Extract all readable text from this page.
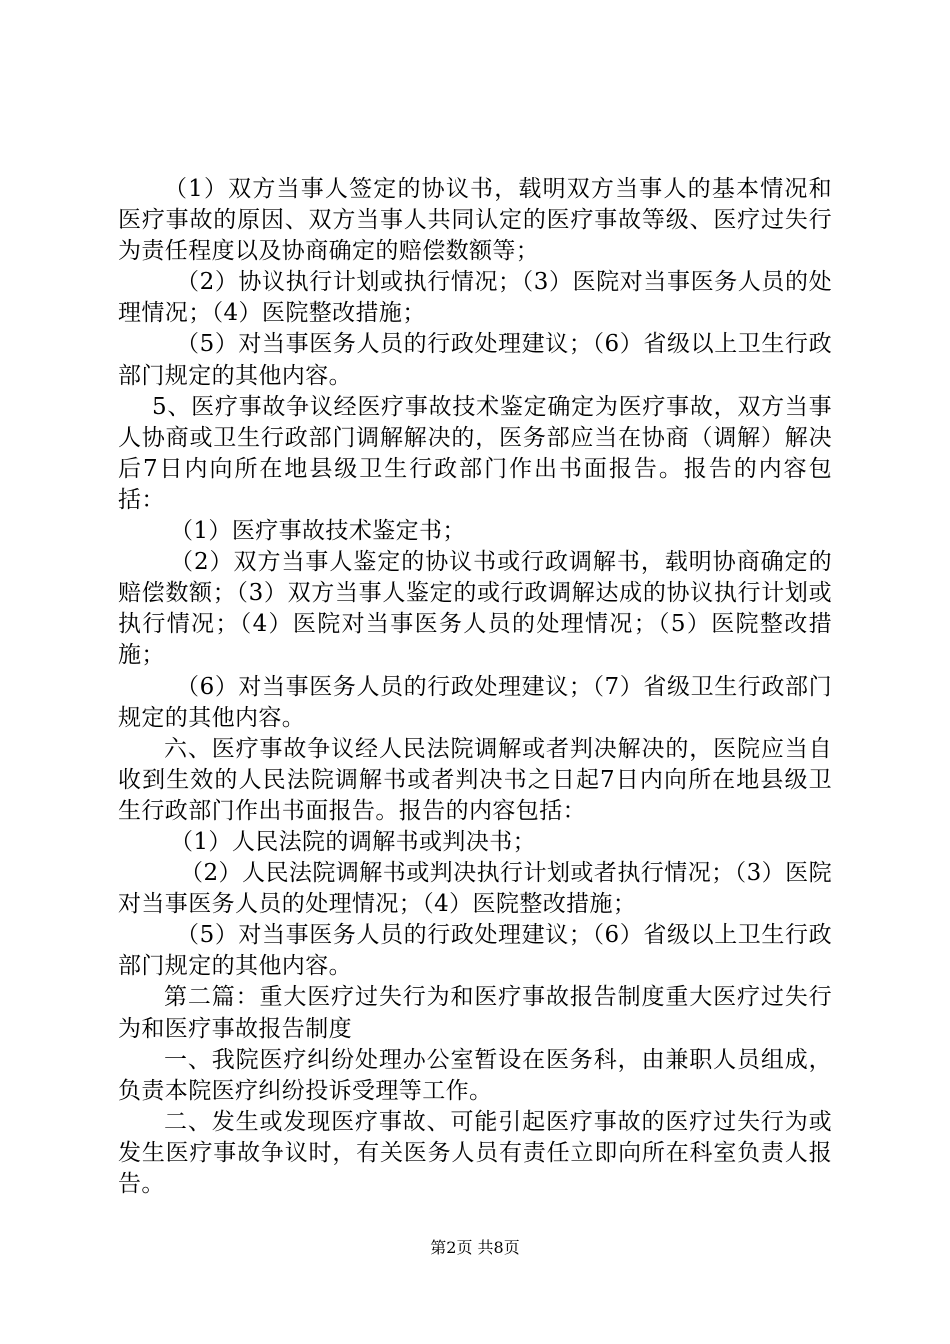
（1）双方当事人签定的协议书，载明双方当事人的基本情况和医疗事故的原因、双方当事人共同认定的医疗事故等级、医疗过失行为责任程度以及协商确定的赔偿数额等；

（2）协议执行计划或执行情况；（3）医院对当事医务人员的处理情况；（4）医院整改措施；

（5）对当事医务人员的行政处理建议；（6）省级以上卫生行政部门规定的其他内容。

5、医疗事故争议经医疗事故技术鉴定确定为医疗事故，双方当事人协商或卫生行政部门调解解决的，医务部应当在协商（调解）解决后7日内向所在地县级卫生行政部门作出书面报告。报告的内容包括：

（1）医疗事故技术鉴定书；

（2）双方当事人鉴定的协议书或行政调解书，载明协商确定的赔偿数额；（3）双方当事人鉴定的或行政调解达成的协议执行计划或执行情况；（4）医院对当事医务人员的处理情况；（5）医院整改措施；

（6）对当事医务人员的行政处理建议；（7）省级卫生行政部门规定的其他内容。

六、医疗事故争议经人民法院调解或者判决解决的，医院应当自收到生效的人民法院调解书或者判决书之日起7日内向所在地县级卫生行政部门作出书面报告。报告的内容包括：

（1）人民法院的调解书或判决书；

（2）人民法院调解书或判决执行计划或者执行情况；（3）医院对当事医务人员的处理情况；（4）医院整改措施；

（5）对当事医务人员的行政处理建议；（6）省级以上卫生行政部门规定的其他内容。

第二篇：重大医疗过失行为和医疗事故报告制度重大医疗过失行为和医疗事故报告制度

一、我院医疗纠纷处理办公室暂设在医务科，由兼职人员组成，负责本院医疗纠纷投诉受理等工作。

二、发生或发现医疗事故、可能引起医疗事故的医疗过失行为或发生医疗事故争议时，有关医务人员有责任立即向所在科室负责人报告。

第2页 共8页
